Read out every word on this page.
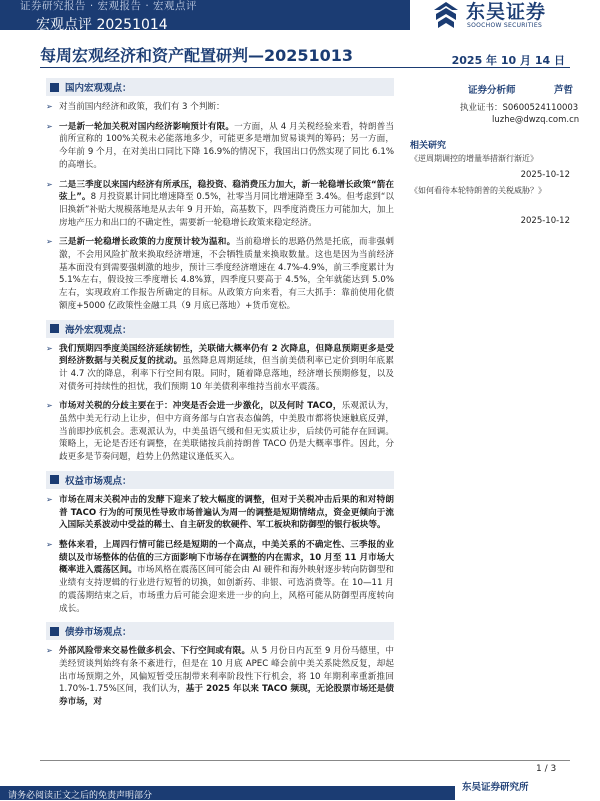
证券研究报告 · 宏观报告 · 宏观点评
宏观点评 20251014
东吴证券
SOOCHOW SECURITIES
每周宏观经济和资产配置研判—20251013	2025 年 10 月 14 日
国内宏观观点：
➢ 对当前国内经济和政策，我们有 3 个判断：
➢ 一是新一轮加关税对国内经济影响预计有限。一方面，从 4 月关税经验来看，特朗普当前所宣称的 100%关税未必能落地多少，可能更多是增加贸易谈判的筹码；另一方面，今年前 9 个月，在对美出口同比下降 16.9%的情况下，我国出口仍然实现了同比 6.1%的高增长。
➢ 二是三季度以来国内经济有所承压，稳投资、稳消费压力加大，新一轮稳增长政策“箭在弦上”。8 月投资累计同比增速降至 0.5%，社零当月同比增速降至 3.4%。但考虑到“以旧换新”补贴大规模落地是从去年 9 月开始，高基数下，四季度消费压力可能加大，加上房地产压力和出口的不确定性，需要新一轮稳增长政策来稳定经济。
➢ 三是新一轮稳增长政策的力度预计较为温和。当前稳增长的思路仍然是托底，而非强刺激，不会用风险扩散来换取经济增速，不会牺牲质量来换取数量。这也是因为当前经济基本面没有到需要强刺激的地步，预计三季度经济增速在 4.7%-4.9%，前三季度累计为 5.1%左右，假设按三季度增长 4.8%算，四季度只要高于 4.5%，全年就能达到 5.0%左右，实现政府工作报告所确定的目标。从政策方向来看，有三大抓手：靠前使用化债额度+5000 亿政策性金融工具（9 月底已落地）+货币宽松。
海外宏观观点：
➢ 我们预期四季度美国经济延续韧性，关联储大概率仍有 2 次降息，但降息预期更多是受到经济数据与关税反复的扰动。虽然降息周期延续，但当前美债利率已定价到明年底累计 4.7 次的降息，利率下行空间有限。同时，随着降息落地，经济增长预期修复，以及对债务可持续性的担忧，我们预期 10 年美债利率维持当前水平震荡。
➢ 市场对关税的分歧主要在于：冲突是否会进一步激化，以及何时 TACO，乐观派认为，虽然中美无行动上让步，但中方商务部与白宫表态偏鸽，中美股市都将快速触底反弹，当前即抄底机会。悲观派认为，中美虽语气缓和但无实质让步，后续仍可能存在回调。策略上，无论是否还有调整，在美联储按兵前持朗普 TACO 仍是大概率事件。因此，分歧更多是节奏问题，趋势上仍然建议逢低买入。
权益市场观点：
➢ 市场在周末关税冲击的发酵下迎来了较大幅度的调整，但对于关税冲击后果的和对特朗普 TACO 行为的可预见性导致市场普遍认为周一的调整是短期情绪点，资金更倾向于流入国际关系波动中受益的稀土、自主研发的软硬件、军工板块和防御型的银行板块等。
➢ 整体来看，上周四行情可能已经是短期的一个高点，中美关系的不确定性、三季报的业绩以及市场整体的估值的三方面影响下市场存在调整的内在需求，10 月至 11 月市场大概率进入震荡区间。市场风格在震荡区间可能会由 AI 硬件和海外映射逐步转向防御型和业绩有支持逻辑的行业进行短暂的切换，如创新药、非银、可选消费等。在 10—11 月的震荡期结束之后，市场重力后可能会迎来进一步的向上，风格可能从防御型再度转向成长。
债券市场观点：
➢ 外部风险带来交易性做多机会、下行空间或有限。从 5 月份日内瓦至 9 月份马德里，中美经贸谈判始终有条不紊进行，但是在 10 月底 APEC 峰会前中美关系陡然反复，却起出市场预期之外，风偏短暂受压制带来利率阶段性下行机会，将 10 年期利率重新推回 1.70%-1.75%区间，我们认为，基于 2025 年以来 TACO 频现，无论股票市场还是债券市场，对
证券分析师	芦哲
执业证书：S0600524110003
luzhe@dwzq.com.cn
相关研究
《逆周期调控的增量举措渐行渐近》
2025-10-12
《如何看待本轮特朗普的关税威胁？》
2025-10-12
1 / 3
东吴证券研究所
请务必阅读正文之后的免责声明部分
